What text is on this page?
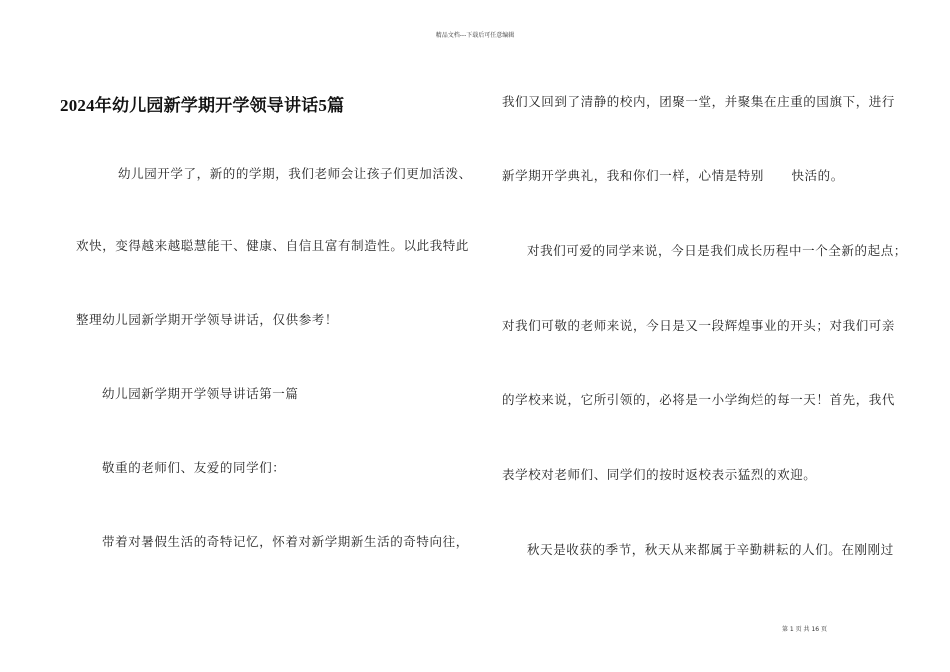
精品文档---下载后可任意编辑
2024年幼儿园新学期开学领导讲话5篇
幼儿园开学了，新的的学期，我们老师会让孩子们更加活泼、
欢快，变得越来越聪慧能干、健康、自信且富有制造性。以此我特此
整理幼儿园新学期开学领导讲话，仅供参考！
幼儿园新学期开学领导讲话第一篇
敬重的老师们、友爱的同学们：
带着对暑假生活的奇特记忆，怀着对新学期新生活的奇特向往，
我们又回到了清静的校内，团聚一堂，并聚集在庄重的国旗下，进行
新学期开学典礼，我和你们一样，心情是特别      快活的。
对我们可爱的同学来说，今日是我们成长历程中一个全新的起点；
对我们可敬的老师来说，今日是又一段辉煌事业的开头；对我们可亲
的学校来说，它所引领的，必将是一小学绚烂的每一天！首先，我代
表学校对老师们、同学们的按时返校表示猛烈的欢迎。
秋天是收获的季节，秋天从来都属于辛勤耕耘的人们。在刚刚过
第 1 页 共 16 页
